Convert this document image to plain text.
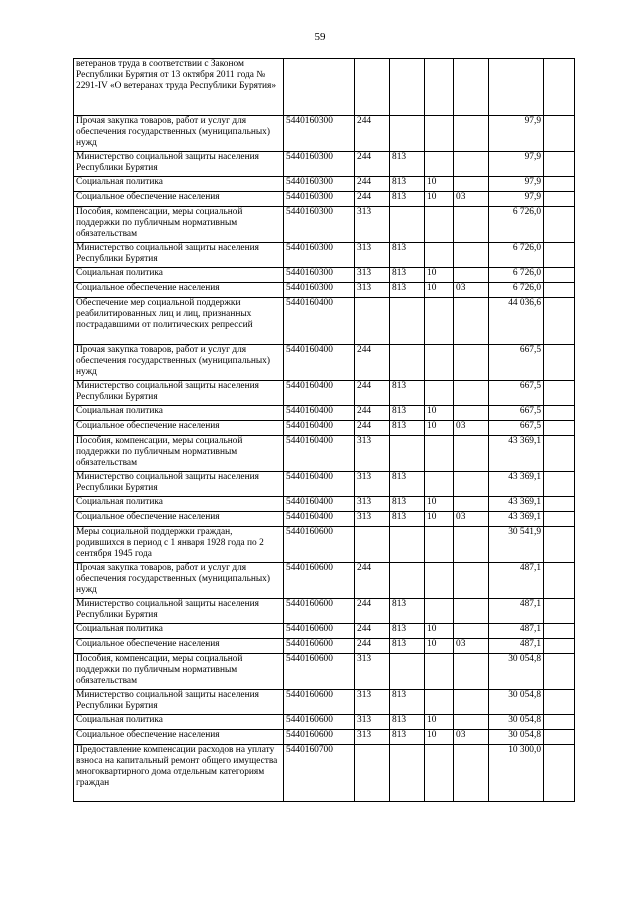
59
ветеранов труда в соответствии с Законом Республики Бурятия от 13 октября 2011 года № 2291-IV «О ветеранах труда Республики Бурятия»							
Прочая закупка товаров, работ и услуг для обеспечения государственных (муниципальных) нужд	5440160300	244				97,9	
Министерство социальной защиты населения Республики Бурятия	5440160300	244	813			97,9	
Социальная политика	5440160300	244	813	10		97,9	
Социальное обеспечение населения	5440160300	244	813	10	03	97,9	
Пособия, компенсации, меры социальной поддержки по публичным нормативным обязательствам	5440160300	313				6 726,0	
Министерство социальной защиты населения Республики Бурятия	5440160300	313	813			6 726,0	
Социальная политика	5440160300	313	813	10		6 726,0	
Социальное обеспечение населения	5440160300	313	813	10	03	6 726,0	
Обеспечение мер социальной поддержки реабилитированных лиц и лиц, признанных пострадавшими от политических репрессий	5440160400					44 036,6	
Прочая закупка товаров, работ и услуг для обеспечения государственных (муниципальных) нужд	5440160400	244				667,5	
Министерство социальной защиты населения Республики Бурятия	5440160400	244	813			667,5	
Социальная политика	5440160400	244	813	10		667,5	
Социальное обеспечение населения	5440160400	244	813	10	03	667,5	
Пособия, компенсации, меры социальной поддержки по публичным нормативным обязательствам	5440160400	313				43 369,1	
Министерство социальной защиты населения Республики Бурятия	5440160400	313	813			43 369,1	
Социальная политика	5440160400	313	813	10		43 369,1	
Социальное обеспечение населения	5440160400	313	813	10	03	43 369,1	
Меры социальной поддержки граждан, родившихся в период с 1 января 1928 года по 2 сентября 1945 года	5440160600					30 541,9	
Прочая закупка товаров, работ и услуг для обеспечения государственных (муниципальных) нужд	5440160600	244				487,1	
Министерство социальной защиты населения Республики Бурятия	5440160600	244	813			487,1	
Социальная политика	5440160600	244	813	10		487,1	
Социальное обеспечение населения	5440160600	244	813	10	03	487,1	
Пособия, компенсации, меры социальной поддержки по публичным нормативным обязательствам	5440160600	313				30 054,8	
Министерство социальной защиты населения Республики Бурятия	5440160600	313	813			30 054,8	
Социальная политика	5440160600	313	813	10		30 054,8	
Социальное обеспечение населения	5440160600	313	813	10	03	30 054,8	
Предоставление компенсации расходов на уплату взноса на капитальный ремонт общего имущества многоквартирного дома отдельным категориям граждан	5440160700					10 300,0	
